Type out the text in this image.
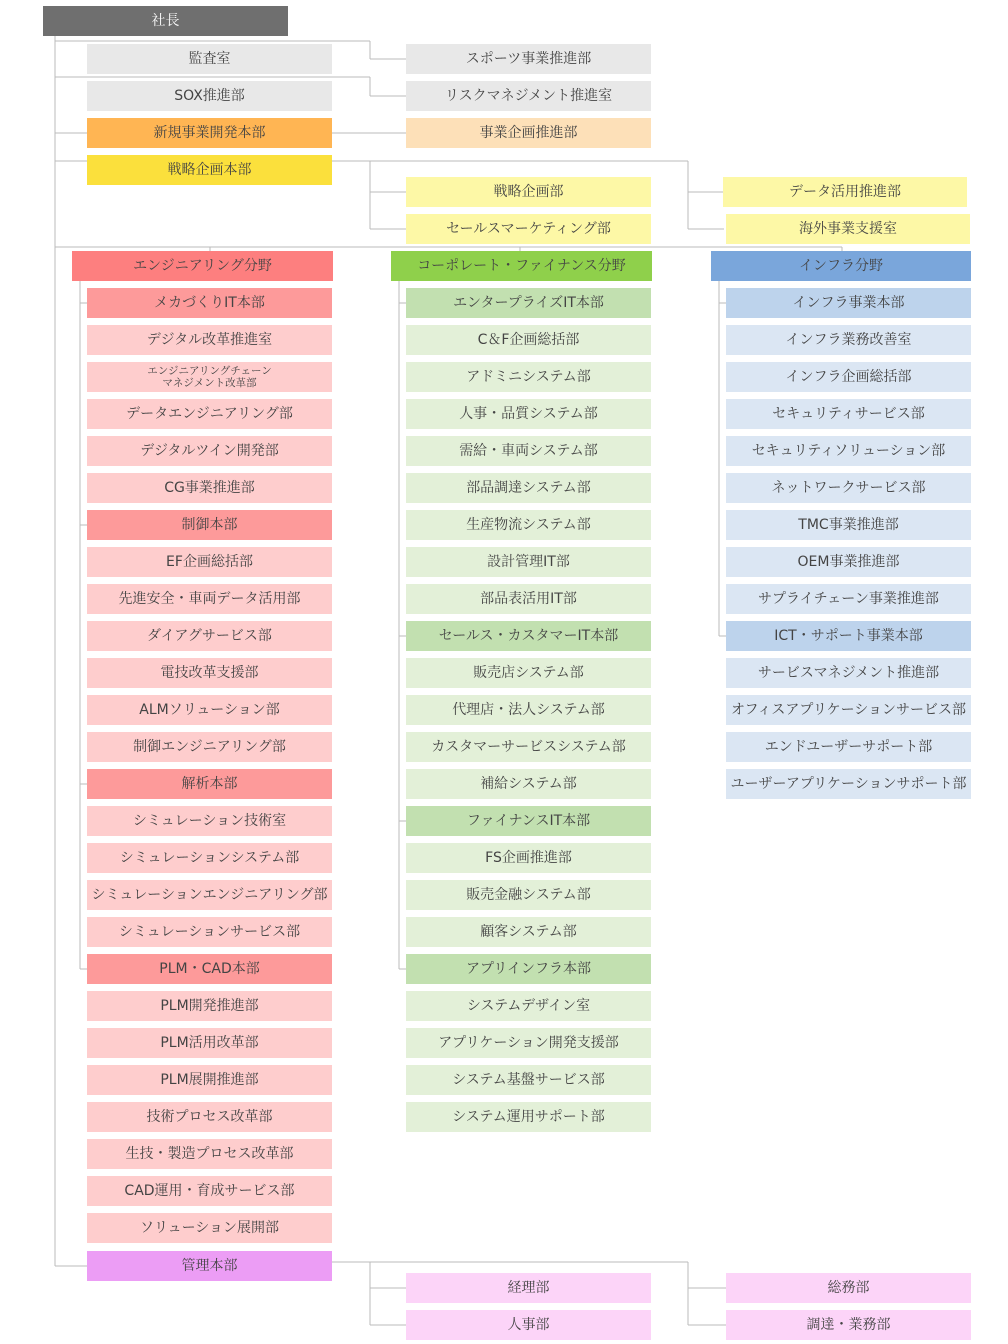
社長
監査室
SOX推進部
スポーツ事業推進部
リスクマネジメント推進室
新規事業開発本部	事業企画推進部
戦略企画本部
戦略企画部
セールスマーケティング部
データ活用推進部
海外事業支援室
エンジニアリング分野
メカづくりIT本部
デジタル改革推進室
エンジニアリングチェーン
マネジメント改革部
データエンジニアリング部
デジタルツイン開発部
CG事業推進部
制御本部
EF企画総括部
先進安全・車両データ活用部
ダイアグサービス部
電技改革支援部
ALMソリューション部
制御エンジニアリング部
解析本部
シミュレーション技術室
シミュレーションシステム部
シミュレーションエンジニアリング部
シミュレーションサービス部
PLM・CAD本部
PLM開発推進部
PLM活用改革部
PLM展開推進部
技術プロセス改革部
生技・製造プロセス改革部
CAD運用・育成サービス部
ソリューション展開部
コーポレート・ファイナンス分野
エンタープライズIT本部
C＆F企画総括部
アドミニシステム部
人事・品質システム部
需給・車両システム部
部品調達システム部
生産物流システム部
設計管理IT部
部品表活用IT部
セールス・カスタマーIT本部
販売店システム部
代理店・法人システム部
カスタマーサービスシステム部
補給システム部
ファイナンスIT本部
FS企画推進部
販売金融システム部
顧客システム部
アプリインフラ本部
システムデザイン室
アプリケーション開発支援部
システム基盤サービス部
システム運用サポート部
インフラ分野
インフラ事業本部
インフラ業務改善室
インフラ企画総括部
セキュリティサービス部
セキュリティソリューション部
ネットワークサービス部
TMC事業推進部
OEM事業推進部
サプライチェーン事業推進部
ICT・サポート事業本部
サービスマネジメント推進部
オフィスアプリケーションサービス部
エンドユーザーサポート部
ユーザーアプリケーションサポート部
管理本部
経理部
人事部
総務部
調達・業務部
